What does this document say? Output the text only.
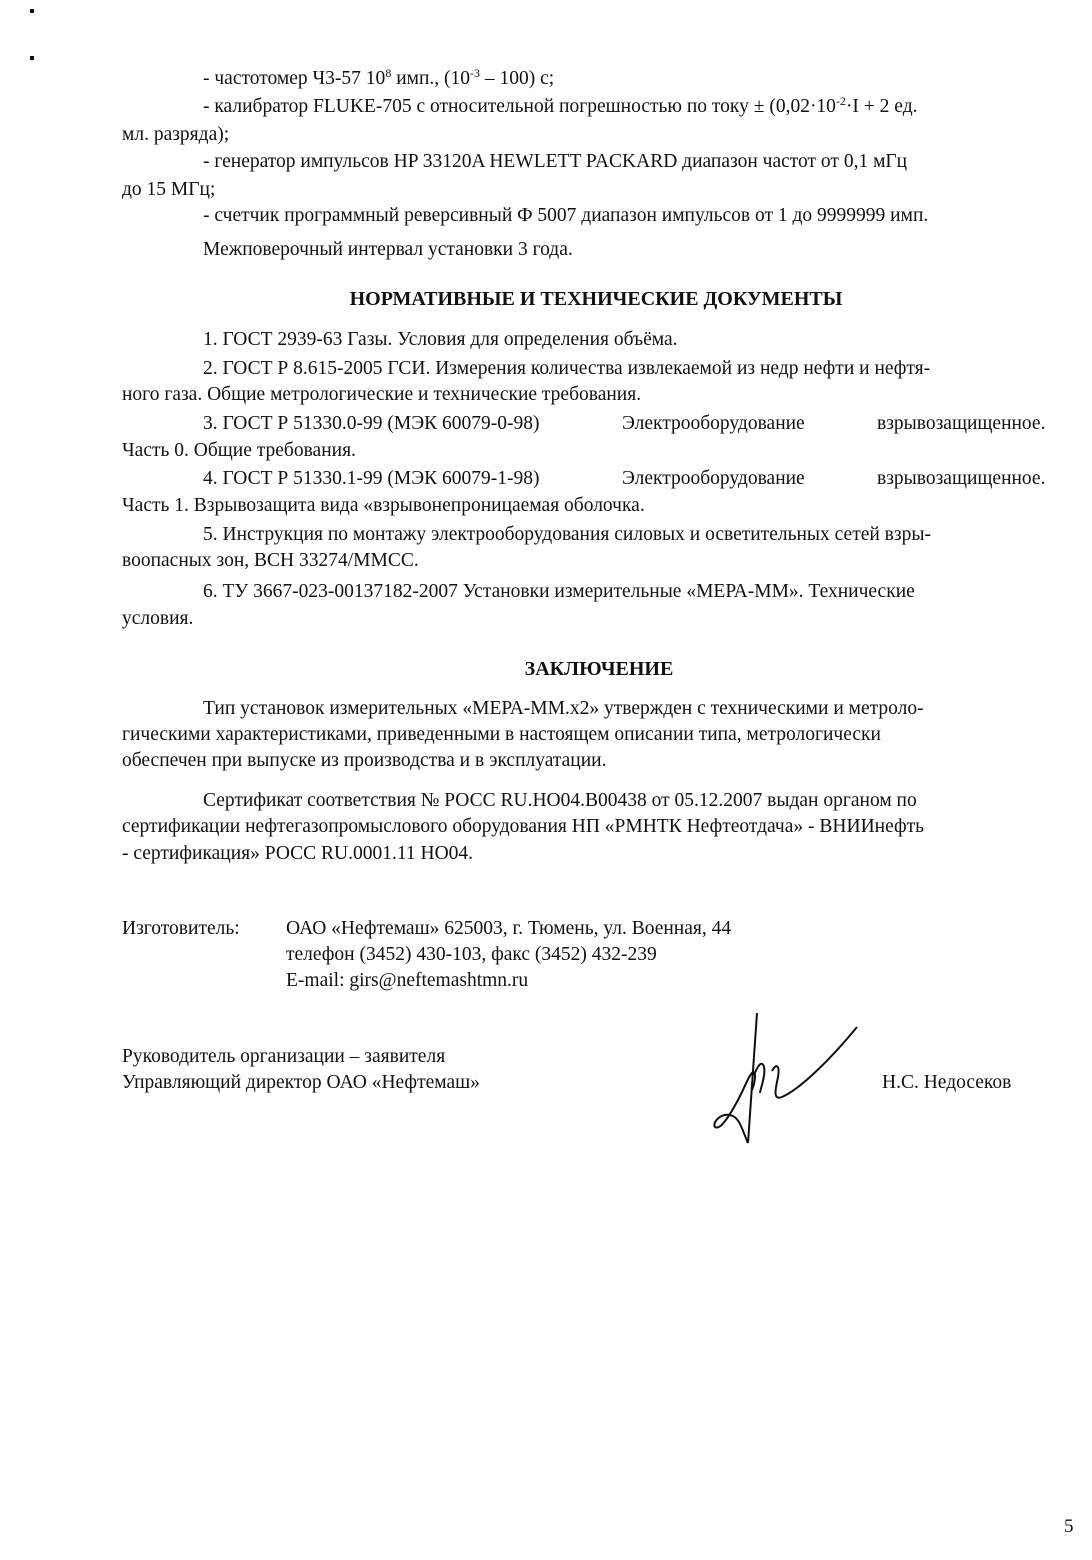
- частотомер Ч3-57 $10^8$ имп., $(10^{-3} - 100)$ с;
- калибратор FLUKE-705 с относительной погрешностью по току ± ($0,02\cdot 10^{-2}\cdot I + 2$ ед.
мл. разряда);
- генератор импульсов HP 33120A HEWLETT PACKARD диапазон частот от 0,1 мГц
до 15 МГц;
- счетчик программный реверсивный Ф 5007 диапазон импульсов от 1 до 9999999 имп.
Межповерочный интервал установки 3 года.
НОРМАТИВНЫЕ И ТЕХНИЧЕСКИЕ ДОКУМЕНТЫ
1. ГОСТ 2939-63 Газы. Условия для определения объёма.
2. ГОСТ Р 8.615-2005 ГСИ. Измерения количества извлекаемой из недр нефти и нефтя-
ного газа. Общие метрологические и технические требования.
3. ГОСТ Р 51330.0-99 (МЭК 60079-0-98)	Электрооборудование	взрывозащищенное.
Часть 0. Общие требования.
4. ГОСТ Р 51330.1-99 (МЭК 60079-1-98)	Электрооборудование	взрывозащищенное.
Часть 1. Взрывозащита вида «взрывонепроницаемая оболочка.
5. Инструкция по монтажу электрооборудования силовых и осветительных сетей взры-
воопасных зон, ВСН 33274/ММСС.
6. ТУ 3667-023-00137182-2007 Установки измерительные «МЕРА-ММ». Технические
условия.
ЗАКЛЮЧЕНИЕ
Тип установок измерительных «МЕРА-ММ.х2» утвержден с техническими и метроло-
гическими характеристиками, приведенными в настоящем описании типа, метрологически
обеспечен при выпуске из производства и в эксплуатации.
Сертификат соответствия № РОСС RU.НО04.В00438 от 05.12.2007 выдан органом по
сертификации нефтегазопромыслового оборудования НП «РМНТК Нефтеотдача» - ВНИИнефть
- сертификация» РОСС RU.0001.11 НО04.
Изготовитель: ОАО «Нефтемаш» 625003, г. Тюмень, ул. Военная, 44
телефон (3452) 430-103, факс (3452) 432-239
E-mail: girs@neftemashtmn.ru
Руководитель организации – заявителя
Управляющий директор ОАО «Нефтемаш»	Н.С. Недосеков
5
